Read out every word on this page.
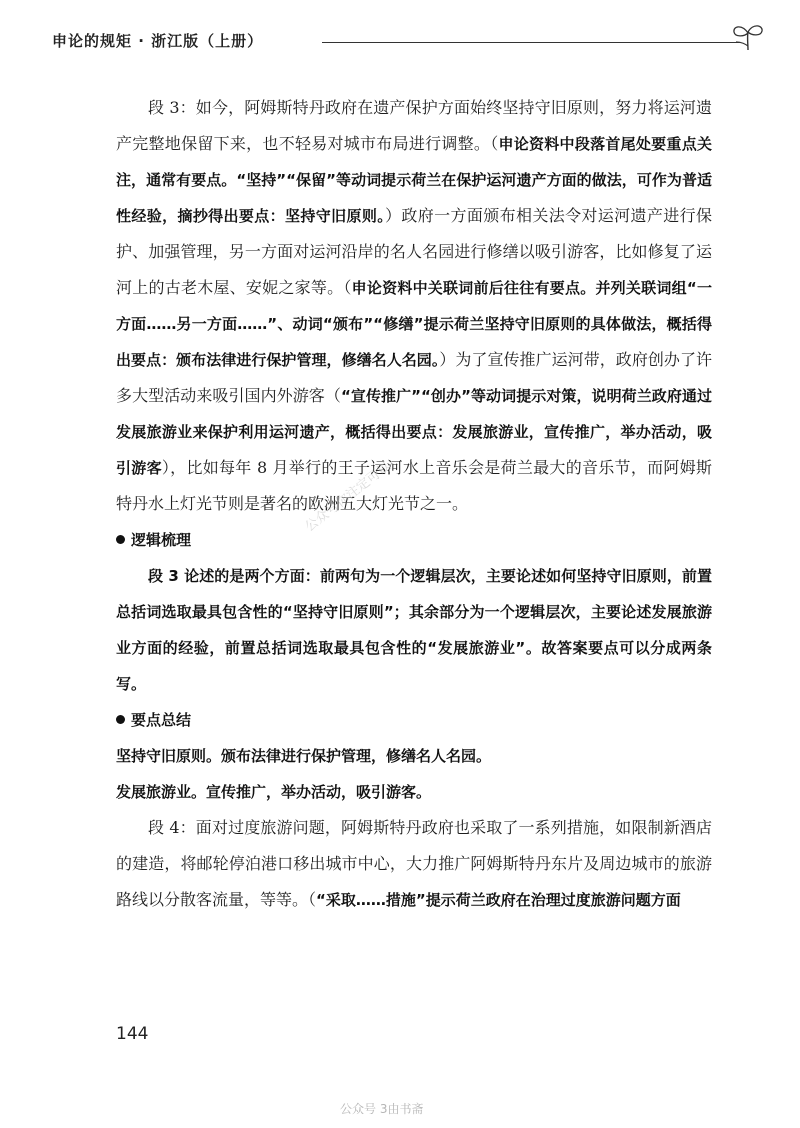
申论的规矩 · 浙江版（上册）

段 3：如今，阿姆斯特丹政府在遗产保护方面始终坚持守旧原则，努力将运河遗产完整地保留下来，也不轻易对城市布局进行调整。（申论资料中段落首尾处要重点关注，通常有要点。“坚持”“保留”等动词提示荷兰在保护运河遗产方面的做法，可作为普适性经验，摘抄得出要点：坚持守旧原则。）政府一方面颁布相关法令对运河遗产进行保护、加强管理，另一方面对运河沿岸的名人名园进行修缮以吸引游客，比如修复了运河上的古老木屋、安妮之家等。（申论资料中关联词前后往往有要点。并列关联词组“一方面……另一方面……”、动词“颁布”“修缮”提示荷兰坚持守旧原则的具体做法，概括得出要点：颁布法律进行保护管理，修缮名人名园。）为了宣传推广运河带，政府创办了许多大型活动来吸引国内外游客（“宣传推广”“创办”等动词提示对策，说明荷兰政府通过发展旅游业来保护利用运河遗产，概括得出要点：发展旅游业，宣传推广，举办活动，吸引游客），比如每年 8 月举行的王子运河水上音乐会是荷兰最大的音乐节，而阿姆斯特丹水上灯光节则是著名的欧洲五大灯光节之一。

逻辑梳理

段 3 论述的是两个方面：前两句为一个逻辑层次，主要论述如何坚持守旧原则，前置总括词选取最具包含性的“坚持守旧原则”；其余部分为一个逻辑层次，主要论述发展旅游业方面的经验，前置总括词选取最具包含性的“发展旅游业”。故答案要点可以分成两条写。

要点总结

坚持守旧原则。颁布法律进行保护管理，修缮名人名园。

发展旅游业。宣传推广，举办活动，吸引游客。

段 4：面对过度旅游问题，阿姆斯特丹政府也采取了一系列措施，如限制新酒店的建造，将邮轮停泊港口移出城市中心，大力推广阿姆斯特丹东片及周边城市的旅游路线以分散客流量，等等。（“采取……措施”提示荷兰政府在治理过度旅游问题方面

公众号你注定可以
144
公众号 3由书斋
